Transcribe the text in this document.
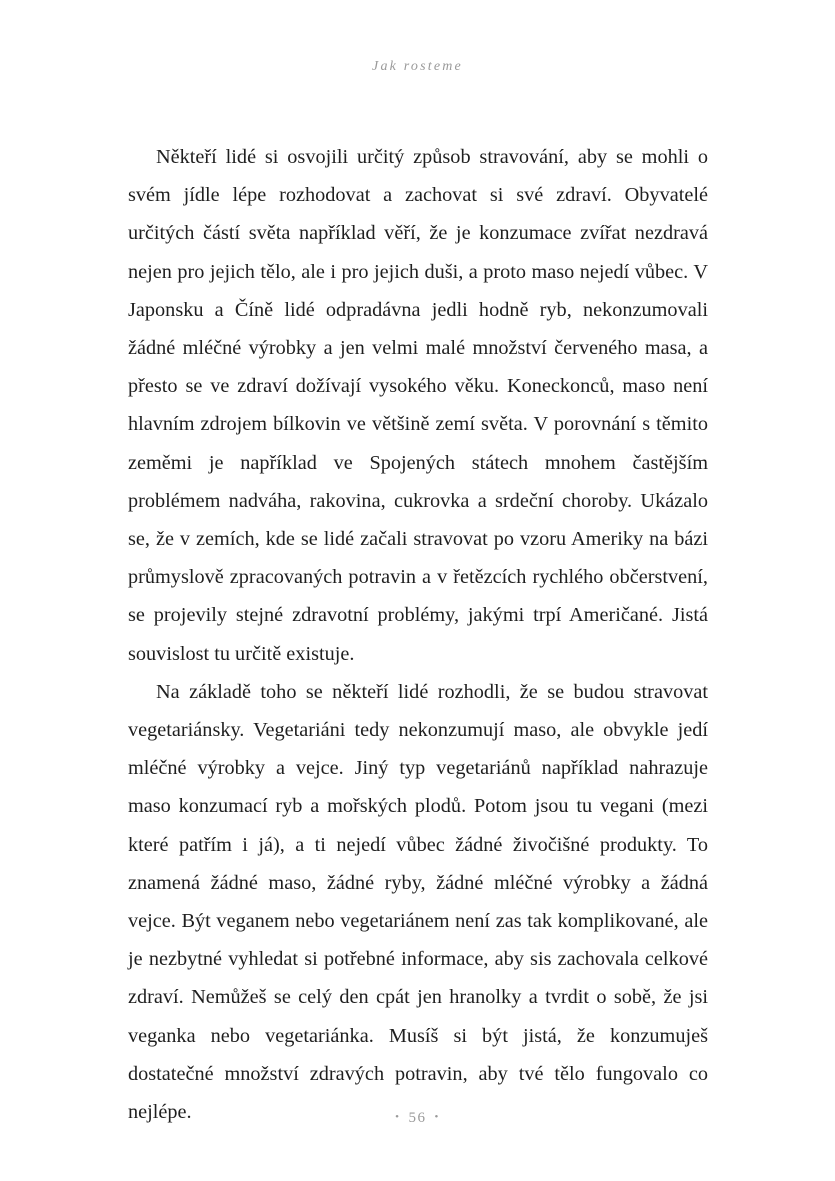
Jak rosteme

Někteří lidé si osvojili určitý způsob stravování, aby se mohli o svém jídle lépe rozhodovat a zachovat si své zdraví. Obyvatelé určitých částí světa například věří, že je konzumace zvířat nezdravá nejen pro jejich tělo, ale i pro jejich duši, a proto maso nejedí vůbec. V Japonsku a Číně lidé odpradávna jedli hodně ryb, nekonzumovali žádné mléčné výrobky a jen velmi malé množství červeného masa, a přesto se ve zdraví dožívají vysokého věku. Koneckonců, maso není hlavním zdrojem bílkovin ve většině zemí světa. V porovnání s těmito zeměmi je například ve Spojených státech mnohem častějším problémem nadváha, rakovina, cukrovka a srdeční choroby. Ukázalo se, že v zemích, kde se lidé začali stravovat po vzoru Ameriky na bázi průmyslově zpracovaných potravin a v řetězcích rychlého občerstvení, se projevily stejné zdravotní problémy, jakými trpí Američané. Jistá souvislost tu určitě existuje.

Na základě toho se někteří lidé rozhodli, že se budou stravovat vegetariánsky. Vegetariáni tedy nekonzumují maso, ale obvykle jedí mléčné výrobky a vejce. Jiný typ vegetariánů například nahrazuje maso konzumací ryb a mořských plodů. Potom jsou tu vegani (mezi které patřím i já), a ti nejedí vůbec žádné živočišné produkty. To znamená žádné maso, žádné ryby, žádné mléčné výrobky a žádná vejce. Být veganem nebo vegetariánem není zas tak komplikované, ale je nezbytné vyhledat si potřebné informace, aby sis zachovala celkové zdraví. Nemůžeš se celý den cpát jen hranolky a tvrdit o sobě, že jsi veganka nebo vegetariánka. Musíš si být jistá, že konzumuješ dostatečné množství zdravých potravin, aby tvé tělo fungovalo co nejlépe.	• 56 •
